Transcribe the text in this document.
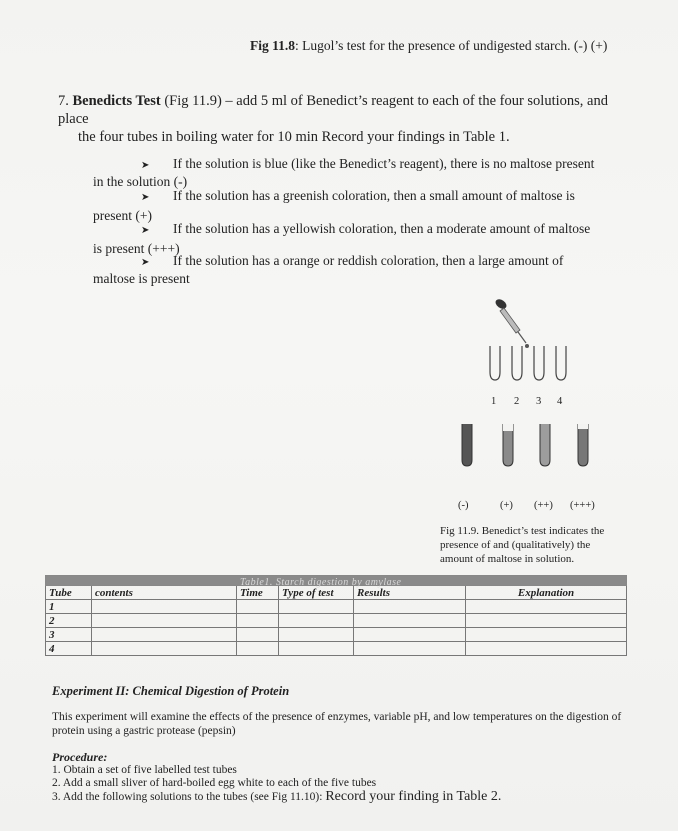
Fig 11.8: Lugol’s test for the presence of undigested starch. (-) (+)
7. Benedicts Test (Fig 11.9) – add 5 ml of Benedict’s reagent to each of the four solutions, and place
the four tubes in boiling water for 10 min Record your findings in Table 1.
➤ If the solution is blue (like the Benedict’s reagent), there is no maltose present
in the solution (-)
➤ If the solution has a greenish coloration, then a small amount of maltose is
present (+)
➤ If the solution has a yellowish coloration, then a moderate amount of maltose
is present (+++)
➤ If the solution has a orange or reddish coloration, then a large amount of
maltose is present
1 2 3 4
(-)	(+) (++) (+++)
Fig 11.9. Benedict’s test indicates the
presence of and (qualitatively) the
amount of maltose in solution.

Tube	contents	Time	Type of test	Results	Explanation
1					
2					
3					
4					
Table1. Starch digestion by amylase
Experiment II: Chemical Digestion of Protein
This experiment will examine the effects of the presence of enzymes, variable pH, and low temperatures on the digestion of protein using a gastric protease (pepsin)
Procedure:
1. Obtain a set of five labelled test tubes
2. Add a small sliver of hard-boiled egg white to each of the five tubes
3. Add the following solutions to the tubes (see Fig 11.10): Record your finding in Table 2.
